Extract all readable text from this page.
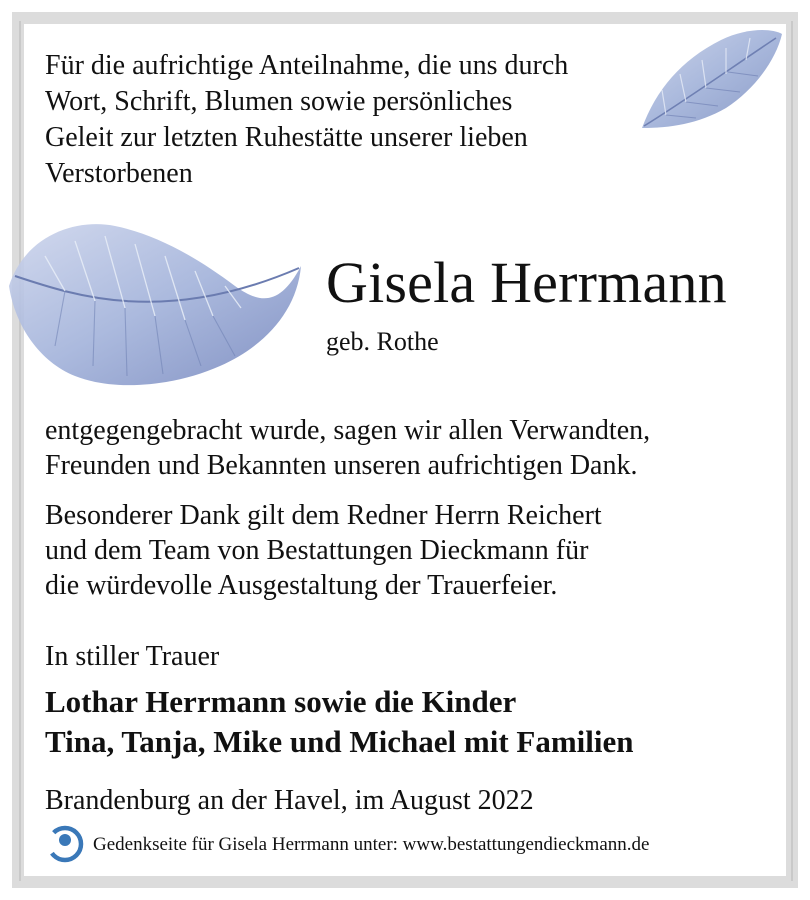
Für die aufrichtige Anteilnahme, die uns durch
Wort, Schrift, Blumen sowie persönliches
Geleit zur letzten Ruhestätte unserer lieben
Verstorbenen
Gisela Herrmann
geb. Rothe
entgegengebracht wurde, sagen wir allen Verwandten,
Freunden und Bekannten unseren aufrichtigen Dank.
Besonderer Dank gilt dem Redner Herrn Reichert
und dem Team von Bestattungen Dieckmann für
die würdevolle Ausgestaltung der Trauerfeier.
In stiller Trauer
Lothar Herrmann sowie die Kinder
Tina, Tanja, Mike und Michael mit Familien
Brandenburg an der Havel, im August 2022
Gedenkseite für Gisela Herrmann unter: www.bestattungendieckmann.de
